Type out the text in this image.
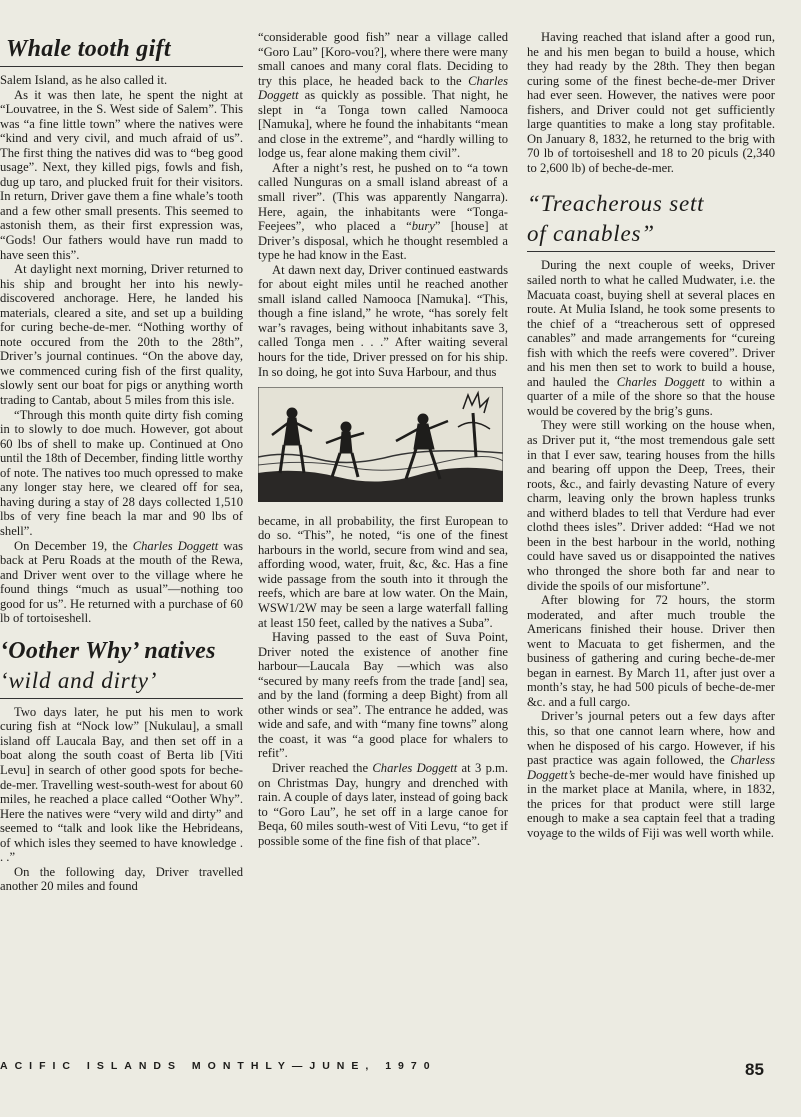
Whale tooth gift

Salem Island, as he also called it.

As it was then late, he spent the night at “Louvatree, in the S. West side of Salem”. This was “a fine little town” where the natives were “kind and very civil, and much afraid of us”. The first thing the natives did was to “beg good usage”. Next, they killed pigs, fowls and fish, dug up taro, and plucked fruit for their visitors. In return, Driver gave them a fine whale’s tooth and a few other small presents. This seemed to astonish them, as their first expression was, “Gods! Our fathers would have run madd to have seen this”.

At daylight next morning, Driver returned to his ship and brought her into his newly-discovered anchorage. Here, he landed his materials, cleared a site, and set up a building for curing beche-de-mer. “Nothing worthy of note occured from the 20th to the 28th”, Driver’s journal continues. “On the above day, we commenced curing fish of the first quality, slowly sent our boat for pigs or anything worth trading to Cantab, about 5 miles from this isle.

“Through this month quite dirty fish coming in to slowly to doe much. However, got about 60 lbs of shell to make up. Continued at Ono until the 18th of December, finding little worthy of note. The natives too much opressed to make any longer stay here, we cleared off for sea, having during a stay of 28 days collected 1,510 lbs of very fine beach la mar and 90 lbs of shell”.

On December 19, the Charles Doggett was back at Peru Roads at the mouth of the Rewa, and Driver went over to the village where he found things “much as usual”—nothing too good for us”. He returned with a purchase of 60 lb of tortoiseshell.

‘Oother Why’ natives
‘wild and dirty’

Two days later, he put his men to work curing fish at “Nock low” [Nukulau], a small island off Laucala Bay, and then set off in a boat along the south coast of Berta lib [Viti Levu] in search of other good spots for beche-de-mer. Travelling west-south-west for about 60 miles, he reached a place called “Oother Why”. Here the natives were “very wild and dirty” and seemed to “talk and look like the Hebrideans, of which isles they seemed to have knowledge . . .”

On the following day, Driver travelled another 20 miles and found

“considerable good fish” near a village called “Goro Lau” [Koro-vou?], where there were many small canoes and many coral flats. Deciding to try this place, he headed back to the Charles Doggett as quickly as possible. That night, he slept in “a Tonga town called Namooca [Namuka], where he found the inhabitants “mean and close in the extreme”, and “hardly willing to lodge us, fear alone making them civil”.

After a night’s rest, he pushed on to “a town called Nunguras on a small island abreast of a small river”. (This was apparently Nangarra). Here, again, the inhabitants were “Tonga-Feejees”, who placed a “bury” [house] at Driver’s disposal, which he thought resembled a type he had know in the East.

At dawn next day, Driver continued eastwards for about eight miles until he reached another small island called Namooca [Namuka]. “This, though a fine island,” he wrote, “has sorely felt war’s ravages, being without inhabitants save 3, called Tonga men . . .” After waiting several hours for the tide, Driver pressed on for his ship. In so doing, he got into Suva Harbour, and thus

became, in all probability, the first European to do so. “This”, he noted, “is one of the finest harbours in the world, secure from wind and sea, affording wood, water, fruit, &c, &c. Has a fine wide passage from the south into it through the reefs, which are bare at low water. On the Main, WSW1/2W may be seen a large waterfall falling at least 150 feet, called by the natives a Suba”.

Having passed to the east of Suva Point, Driver noted the existence of another fine harbour—Laucala Bay —which was also “secured by many reefs from the trade [and] sea, and by the land (forming a deep Bight) from all other winds or sea”. The entrance he added, was wide and safe, and with “many fine towns” along the coast, it was “a good place for whalers to refit”.

Driver reached the Charles Doggett at 3 p.m. on Christmas Day, hungry and drenched with rain. A couple of days later, instead of going back to “Goro Lau”, he set off in a large canoe for Beqa, 60 miles south-west of Viti Levu, “to get if possible some of the fine fish of that place”.

Having reached that island after a good run, he and his men began to build a house, which they had ready by the 28th. They then began curing some of the finest beche-de-mer Driver had ever seen. However, the natives were poor fishers, and Driver could not get sufficiently large quantities to make a long stay profitable. On January 8, 1832, he returned to the brig with 70 lb of tortoiseshell and 18 to 20 piculs (2,340 to 2,600 lb) of beche-de-mer.

“Treacherous sett
of canables”

During the next couple of weeks, Driver sailed north to what he called Mudwater, i.e. the Macuata coast, buying shell at several places en route. At Mulia Island, he took some presents to the chief of a “treacherous sett of oppresed canables” and made arrangements for “cureing fish with which the reefs were covered”. Driver and his men then set to work to build a house, and hauled the Charles Doggett to within a quarter of a mile of the shore so that the house would be covered by the brig’s guns.

They were still working on the house when, as Driver put it, “the most tremendous gale sett in that I ever saw, tearing houses from the hills and bearing off uppon the Deep, Trees, their roots, &c., and fairly devasting Nature of every charm, leaving only the brown hapless trunks and witherd blades to tell that Verdure had ever clothd thees isles”. Driver added: “Had we not been in the best harbour in the world, nothing could have saved us or disappointed the natives who thronged the shore both far and near to divide the spoils of our misfortune”.

After blowing for 72 hours, the storm moderated, and after much trouble the Americans finished their house. Driver then went to Macuata to get fishermen, and the business of gathering and curing beche-de-mer began in earnest. By March 11, after just over a month’s stay, he had 500 piculs of beche-de-mer &c. and a full cargo.

Driver’s journal peters out a few days after this, so that one cannot learn where, how and when he disposed of his cargo. However, if his past practice was again followed, the Charless Doggett’s beche-de-mer would have finished up in the market place at Manila, where, in 1832, the prices for that product were still large enough to make a sea captain feel that a trading voyage to the wilds of Fiji was well worth while.

ACIFIC ISLANDS MONTHLY—JUNE, 1970	85
